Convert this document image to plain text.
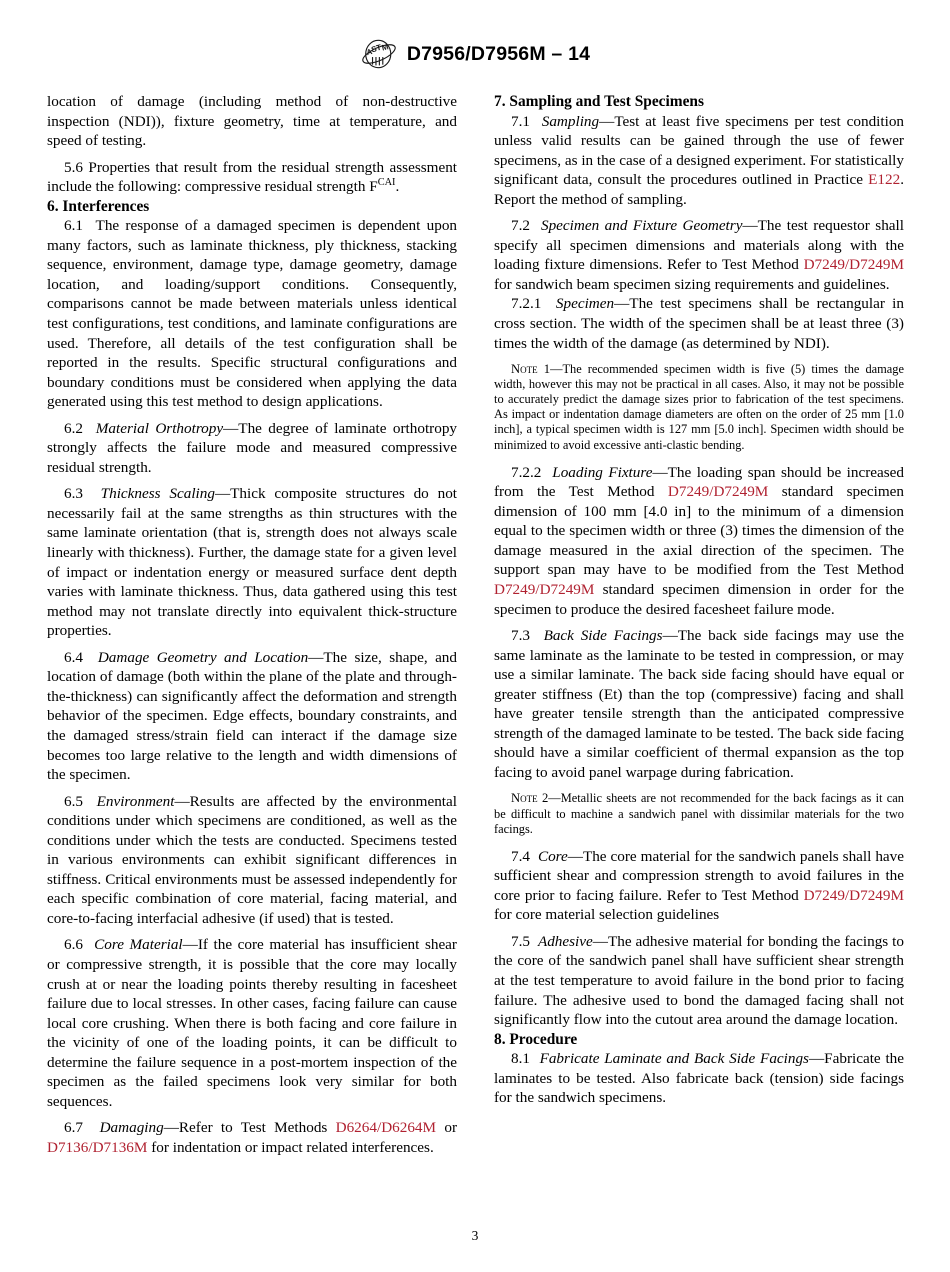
A
S
T
M D7956/D7956M – 14

location of damage (including method of non-destructive inspection (NDI)), fixture geometry, time at temperature, and speed of testing.

5.6 Properties that result from the residual strength assessment include the following: compressive residual strength $F^{CAI}$.

6. Interferences

6.1 The response of a damaged specimen is dependent upon many factors, such as laminate thickness, ply thickness, stacking sequence, environment, damage type, damage geometry, damage location, and loading/support conditions. Consequently, comparisons cannot be made between materials unless identical test configurations, test conditions, and laminate configurations are used. Therefore, all details of the test configuration shall be reported in the results. Specific structural configurations and boundary conditions must be considered when applying the data generated using this test method to design applications.

6.2 Material Orthotropy—The degree of laminate orthotropy strongly affects the failure mode and measured compressive residual strength.

6.3 Thickness Scaling—Thick composite structures do not necessarily fail at the same strengths as thin structures with the same laminate orientation (that is, strength does not always scale linearly with thickness). Further, the damage state for a given level of impact or indentation energy or measured surface dent depth varies with laminate thickness. Thus, data gathered using this test method may not translate directly into equivalent thick-structure properties.

6.4 Damage Geometry and Location—The size, shape, and location of damage (both within the plane of the plate and through-the-thickness) can significantly affect the deformation and strength behavior of the specimen. Edge effects, boundary constraints, and the damaged stress/strain field can interact if the damage size becomes too large relative to the length and width dimensions of the specimen.

6.5 Environment—Results are affected by the environmental conditions under which specimens are conditioned, as well as the conditions under which the tests are conducted. Specimens tested in various environments can exhibit significant differences in stiffness. Critical environments must be assessed independently for each specific combination of core material, facing material, and core-to-facing interfacial adhesive (if used) that is tested.

6.6 Core Material—If the core material has insufficient shear or compressive strength, it is possible that the core may locally crush at or near the loading points thereby resulting in facesheet failure due to local stresses. In other cases, facing failure can cause local core crushing. When there is both facing and core failure in the vicinity of one of the loading points, it can be difficult to determine the failure sequence in a post-mortem inspection of the specimen as the failed specimens look very similar for both sequences.

6.7 Damaging—Refer to Test Methods D6264/D6264M or D7136/D7136M for indentation or impact related interferences.

7. Sampling and Test Specimens

7.1 Sampling—Test at least five specimens per test condition unless valid results can be gained through the use of fewer specimens, as in the case of a designed experiment. For statistically significant data, consult the procedures outlined in Practice E122. Report the method of sampling.

7.2 Specimen and Fixture Geometry—The test requestor shall specify all specimen dimensions and materials along with the loading fixture dimensions. Refer to Test Method D7249/D7249M for sandwich beam specimen sizing requirements and guidelines.

7.2.1 Specimen—The test specimens shall be rectangular in cross section. The width of the specimen shall be at least three (3) times the width of the damage (as determined by NDI).

Note 1—The recommended specimen width is five (5) times the damage width, however this may not be practical in all cases. Also, it may not be possible to accurately predict the damage sizes prior to fabrication of the test specimens. As impact or indentation damage diameters are often on the order of 25 mm [1.0 inch], a typical specimen width is 127 mm [5.0 inch]. Specimen width should be minimized to avoid excessive anti-clastic bending.

7.2.2 Loading Fixture—The loading span should be increased from the Test Method D7249/D7249M standard specimen dimension of 100 mm [4.0 in] to the minimum of a dimension equal to the specimen width or three (3) times the dimension of the damage measured in the axial direction of the specimen. The support span may have to be modified from the Test Method D7249/D7249M standard specimen dimension in order for the specimen to produce the desired facesheet failure mode.

7.3 Back Side Facings—The back side facings may use the same laminate as the laminate to be tested in compression, or may use a similar laminate. The back side facing should have equal or greater stiffness (Et) than the top (compressive) facing and shall have greater tensile strength than the anticipated compressive strength of the damaged laminate to be tested. The back side facing should have a similar coefficient of thermal expansion as the top facing to avoid panel warpage during fabrication.

Note 2—Metallic sheets are not recommended for the back facings as it can be difficult to machine a sandwich panel with dissimilar materials for the two facings.

7.4 Core—The core material for the sandwich panels shall have sufficient shear and compression strength to avoid failures in the core prior to facing failure. Refer to Test Method D7249/D7249M for core material selection guidelines

7.5 Adhesive—The adhesive material for bonding the facings to the core of the sandwich panel shall have sufficient shear strength at the test temperature to avoid failure in the bond prior to facing failure. The adhesive used to bond the damaged facing shall not significantly flow into the cutout area around the damage location.

8. Procedure

8.1 Fabricate Laminate and Back Side Facings—Fabricate the laminates to be tested. Also fabricate back (tension) side facings for the sandwich specimens.

3
